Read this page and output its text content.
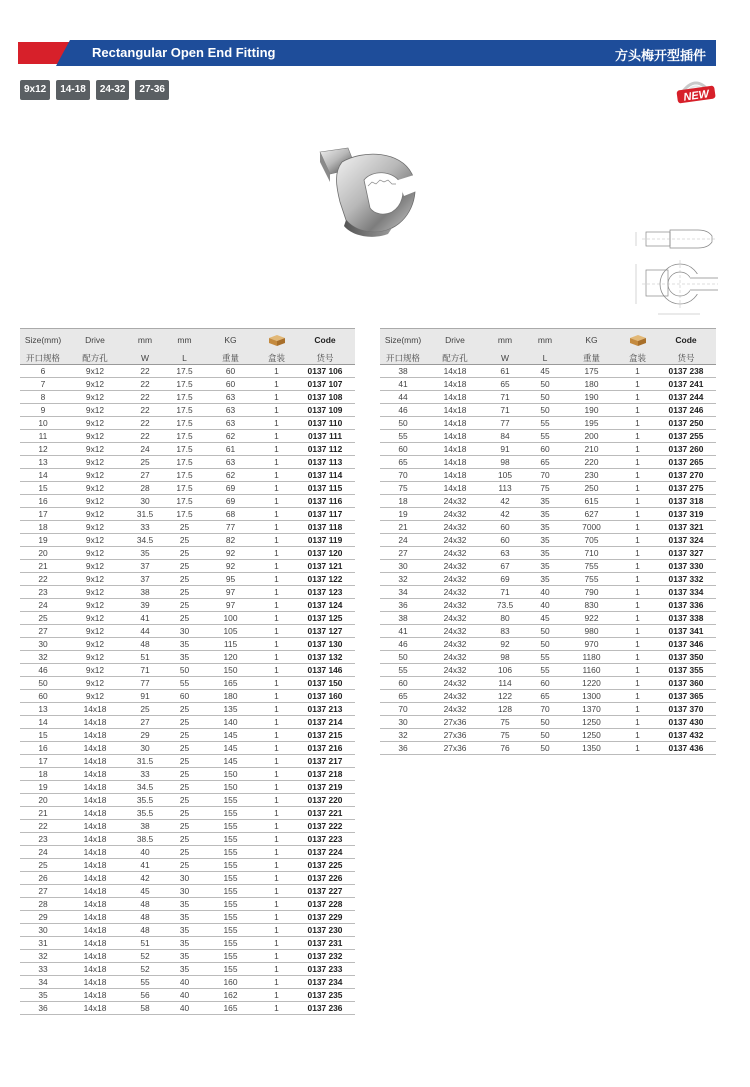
Rectangular Open End Fitting	方头梅开型插件
9x12	14-18	24-32	27-36	NEW
Size(mm)	Drive	mm	mm	KG		Code
开口规格	配方孔	W	L	重量	盒装	货号
6	9x12	22	17.5	60	1	0137 106
7	9x12	22	17.5	60	1	0137 107
8	9x12	22	17.5	63	1	0137 108
9	9x12	22	17.5	63	1	0137 109
10	9x12	22	17.5	63	1	0137 110
11	9x12	22	17.5	62	1	0137 111
12	9x12	24	17.5	61	1	0137 112
13	9x12	25	17.5	63	1	0137 113
14	9x12	27	17.5	62	1	0137 114
15	9x12	28	17.5	69	1	0137 115
16	9x12	30	17.5	69	1	0137 116
17	9x12	31.5	17.5	68	1	0137 117
18	9x12	33	25	77	1	0137 118
19	9x12	34.5	25	82	1	0137 119
20	9x12	35	25	92	1	0137 120
21	9x12	37	25	92	1	0137 121
22	9x12	37	25	95	1	0137 122
23	9x12	38	25	97	1	0137 123
24	9x12	39	25	97	1	0137 124
25	9x12	41	25	100	1	0137 125
27	9x12	44	30	105	1	0137 127
30	9x12	48	35	115	1	0137 130
32	9x12	51	35	120	1	0137 132
46	9x12	71	50	150	1	0137 146
50	9x12	77	55	165	1	0137 150
60	9x12	91	60	180	1	0137 160
13	14x18	25	25	135	1	0137 213
14	14x18	27	25	140	1	0137 214
15	14x18	29	25	145	1	0137 215
16	14x18	30	25	145	1	0137 216
17	14x18	31.5	25	145	1	0137 217
18	14x18	33	25	150	1	0137 218
19	14x18	34.5	25	150	1	0137 219
20	14x18	35.5	25	155	1	0137 220
21	14x18	35.5	25	155	1	0137 221
22	14x18	38	25	155	1	0137 222
23	14x18	38.5	25	155	1	0137 223
24	14x18	40	25	155	1	0137 224
25	14x18	41	25	155	1	0137 225
26	14x18	42	30	155	1	0137 226
27	14x18	45	30	155	1	0137 227
28	14x18	48	35	155	1	0137 228
29	14x18	48	35	155	1	0137 229
30	14x18	48	35	155	1	0137 230
31	14x18	51	35	155	1	0137 231
32	14x18	52	35	155	1	0137 232
33	14x18	52	35	155	1	0137 233
34	14x18	55	40	160	1	0137 234
35	14x18	56	40	162	1	0137 235
36	14x18	58	40	165	1	0137 236
Size(mm)	Drive	mm	mm	KG		Code
开口规格	配方孔	W	L	重量	盒装	货号
38	14x18	61	45	175	1	0137 238
41	14x18	65	50	180	1	0137 241
44	14x18	71	50	190	1	0137 244
46	14x18	71	50	190	1	0137 246
50	14x18	77	55	195	1	0137 250
55	14x18	84	55	200	1	0137 255
60	14x18	91	60	210	1	0137 260
65	14x18	98	65	220	1	0137 265
70	14x18	105	70	230	1	0137 270
75	14x18	113	75	250	1	0137 275
18	24x32	42	35	615	1	0137 318
19	24x32	42	35	627	1	0137 319
21	24x32	60	35	7000	1	0137 321
24	24x32	60	35	705	1	0137 324
27	24x32	63	35	710	1	0137 327
30	24x32	67	35	755	1	0137 330
32	24x32	69	35	755	1	0137 332
34	24x32	71	40	790	1	0137 334
36	24x32	73.5	40	830	1	0137 336
38	24x32	80	45	922	1	0137 338
41	24x32	83	50	980	1	0137 341
46	24x32	92	50	970	1	0137 346
50	24x32	98	55	1180	1	0137 350
55	24x32	106	55	1160	1	0137 355
60	24x32	114	60	1220	1	0137 360
65	24x32	122	65	1300	1	0137 365
70	24x32	128	70	1370	1	0137 370
30	27x36	75	50	1250	1	0137 430
32	27x36	75	50	1250	1	0137 432
36	27x36	76	50	1350	1	0137 436
